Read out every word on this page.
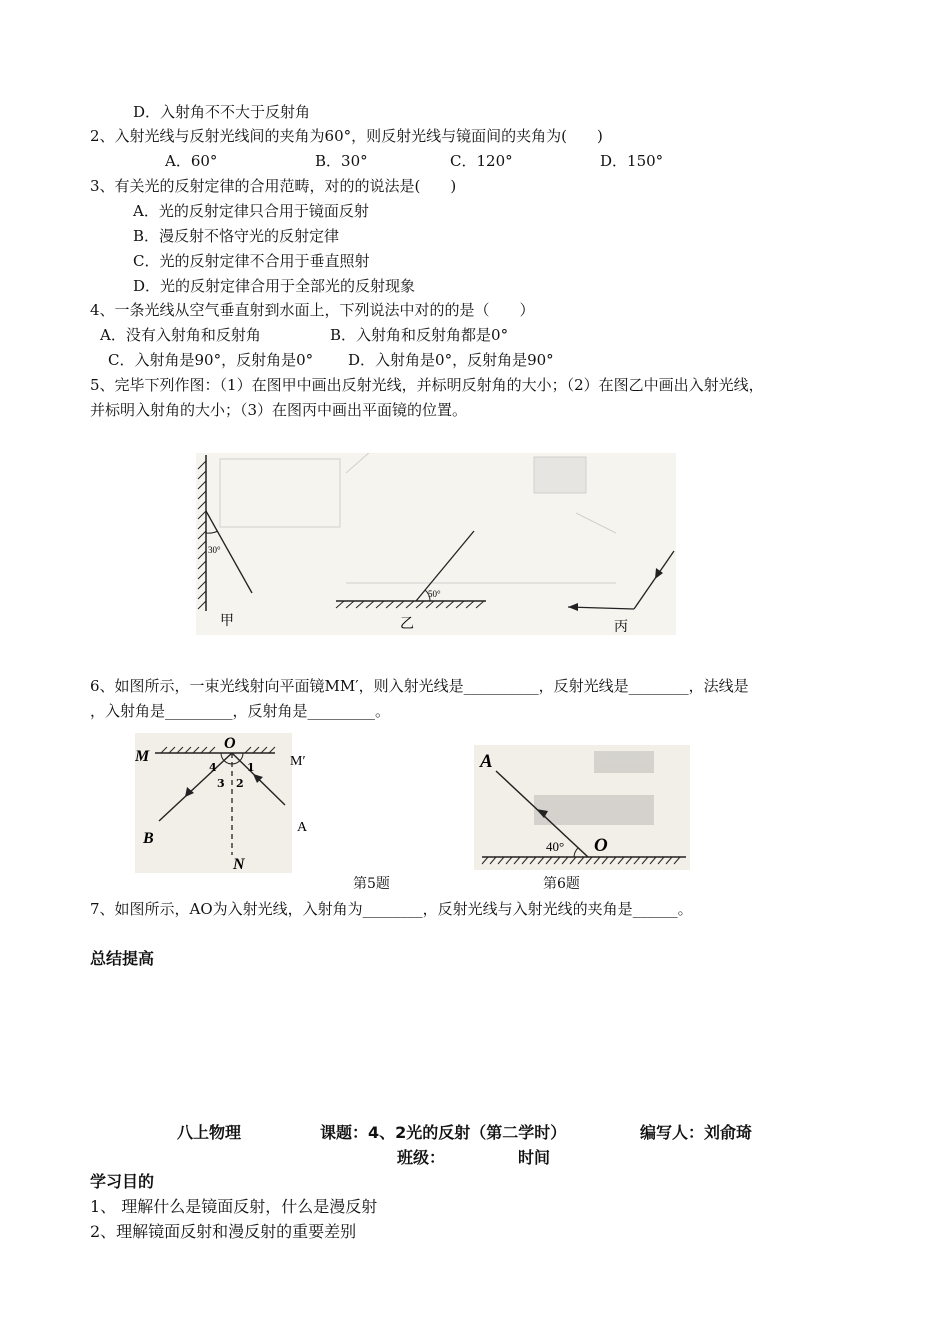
D．入射角不不大于反射角
2、入射光线与反射光线间的夹角为60°，则反射光线与镜面间的夹角为(　　)
A．60°	B．30°	C．120°	D．150°
3、有关光的反射定律的合用范畴，对的的说法是(　　)
A．光的反射定律只合用于镜面反射
B．漫反射不恪守光的反射定律
C．光的反射定律不合用于垂直照射
D．光的反射定律合用于全部光的反射现象
4、一条光线从空气垂直射到水面上，下列说法中对的的是（　　）
A．没有入射角和反射角	B．入射角和反射角都是0°
C．入射角是90°，反射角是0° D．入射角是0°，反射角是90°
5、完毕下列作图：（1）在图甲中画出反射光线，并标明反射角的大小；（2）在图乙中画出入射光线，
并标明入射角的大小；（3）在图丙中画出平面镜的位置。
30°
甲
50°
乙	丙
6、如图所示，一束光线射向平面镜MM′，则入射光线是__________，反射光线是________，法线是
，入射角是_________，反射角是_________。
M
O
M′
4	1
3 2
B
A
N
第5题
A
O
40°
第6题
7、如图所示，AO为入射光线，入射角为________，反射光线与入射光线的夹角是______。
总结提高
八上物理	课题：4、2光的反射（第二学时）	编写人：刘俞琦
班级：	时间
学习目的
1、 理解什么是镜面反射，什么是漫反射
2、理解镜面反射和漫反射的重要差别
